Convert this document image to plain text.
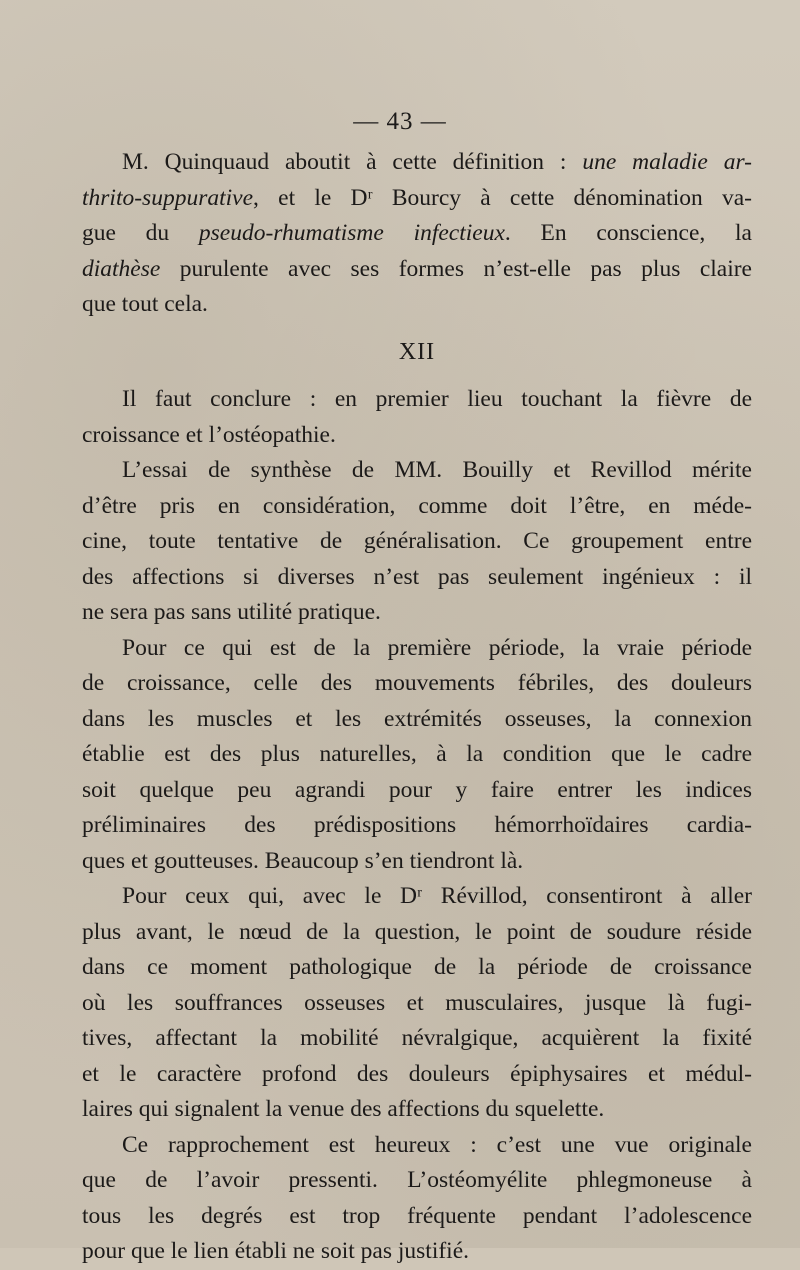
— 43 —

M. Quinquaud aboutit à cette définition : une maladie ar-
thrito-suppurative, et le Dʳ Bourcy à cette dénomination va-
gue du pseudo-rhumatisme infectieux. En conscience, la
diathèse purulente avec ses formes n’est-elle pas plus claire
que tout cela.

XII

Il faut conclure : en premier lieu touchant la fièvre de
croissance et l’ostéopathie.

L’essai de synthèse de MM. Bouilly et Revillod mérite
d’être pris en considération, comme doit l’être, en méde-
cine, toute tentative de généralisation. Ce groupement entre
des affections si diverses n’est pas seulement ingénieux : il
ne sera pas sans utilité pratique.

Pour ce qui est de la première période, la vraie période
de croissance, celle des mouvements fébriles, des douleurs
dans les muscles et les extrémités osseuses, la connexion
établie est des plus naturelles, à la condition que le cadre
soit quelque peu agrandi pour y faire entrer les indices
préliminaires des prédispositions hémorrhoïdaires cardia-
ques et goutteuses. Beaucoup s’en tiendront là.

Pour ceux qui, avec le Dʳ Révillod, consentiront à aller
plus avant, le nœud de la question, le point de soudure réside
dans ce moment pathologique de la période de croissance
où les souffrances osseuses et musculaires, jusque là fugi-
tives, affectant la mobilité névralgique, acquièrent la fixité
et le caractère profond des douleurs épiphysaires et médul-
laires qui signalent la venue des affections du squelette.

Ce rapprochement est heureux : c’est une vue originale
que de l’avoir pressenti. L’ostéomyélite phlegmoneuse à
tous les degrés est trop fréquente pendant l’adolescence
pour que le lien établi ne soit pas justifié.
